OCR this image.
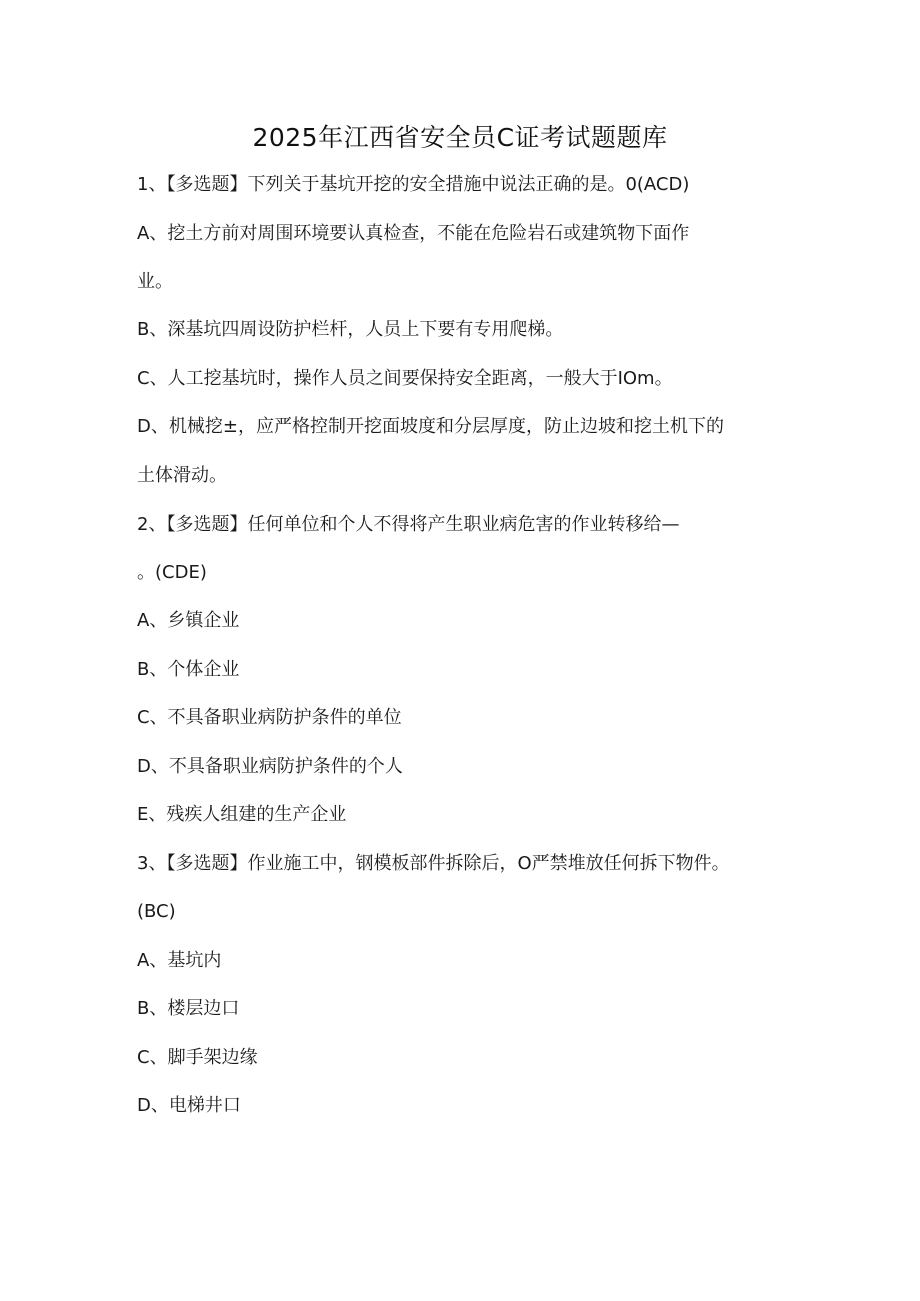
2025年江西省安全员C证考试题题库
1、【多选题】下列关于基坑开挖的安全措施中说法正确的是。0(ACD)
A、挖土方前对周围环境要认真检查，不能在危险岩石或建筑物下面作
业。
B、深基坑四周设防护栏杆，人员上下要有专用爬梯。
C、人工挖基坑时，操作人员之间要保持安全距离，一般大于IOm。
D、机械挖±，应严格控制开挖面坡度和分层厚度，防止边坡和挖土机下的
土体滑动。
2、【多选题】任何单位和个人不得将产生职业病危害的作业转移给—
。(CDE)
A、乡镇企业
B、个体企业
C、不具备职业病防护条件的单位
D、不具备职业病防护条件的个人
E、残疾人组建的生产企业
3、【多选题】作业施工中，钢模板部件拆除后，O严禁堆放任何拆下物件。
(BC)
A、基坑内
B、楼层边口
C、脚手架边缘
D、电梯井口
